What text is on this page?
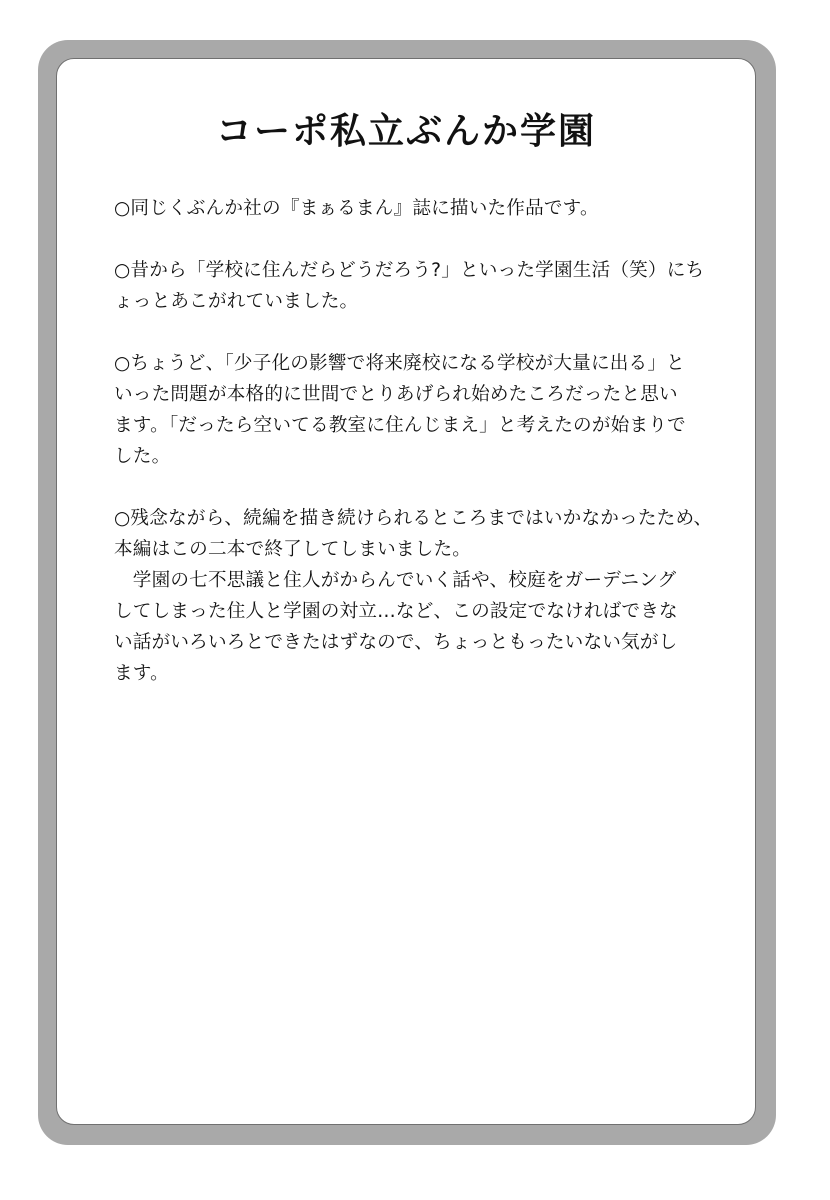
コーポ私立ぶんか学園

○同じくぶんか社の『まぁるまん』誌に描いた作品です。

○昔から「学校に住んだらどうだろう?」といった学園生活（笑）にち
ょっとあこがれていました。

○ちょうど、「少子化の影響で将来廃校になる学校が大量に出る」と
いった問題が本格的に世間でとりあげられ始めたころだったと思い
ます。「だったら空いてる教室に住んじまえ」と考えたのが始まりで
した。

○残念ながら、続編を描き続けられるところまではいかなかったため、
本編はこの二本で終了してしまいました。

　学園の七不思議と住人がからんでいく話や、校庭をガーデニング
してしまった住人と学園の対立…など、この設定でなければできな
い話がいろいろとできたはずなので、ちょっともったいない気がし
ます。
